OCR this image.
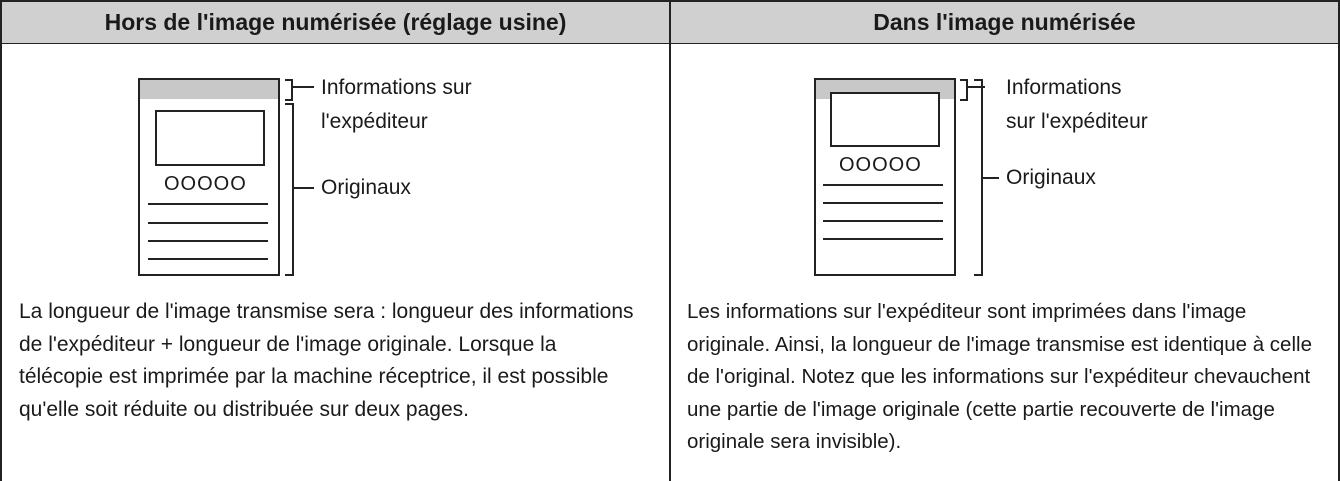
Hors de l'image numérisée (réglage usine)
OOOOO
Informations sur
l'expéditeur
Originaux
La longueur de l'image transmise sera : longueur des informations de l'expéditeur + longueur de l'image originale. Lorsque la télécopie est imprimée par la machine réceptrice, il est possible qu'elle soit réduite ou distribuée sur deux pages.
Dans l'image numérisée
OOOOO
Informations
sur l'expéditeur
Originaux
Les informations sur l'expéditeur sont imprimées dans l'image originale. Ainsi, la longueur de l'image transmise est identique à celle de l'original. Notez que les informations sur l'expéditeur chevauchent une partie de l'image originale (cette partie recouverte de l'image originale sera invisible).
